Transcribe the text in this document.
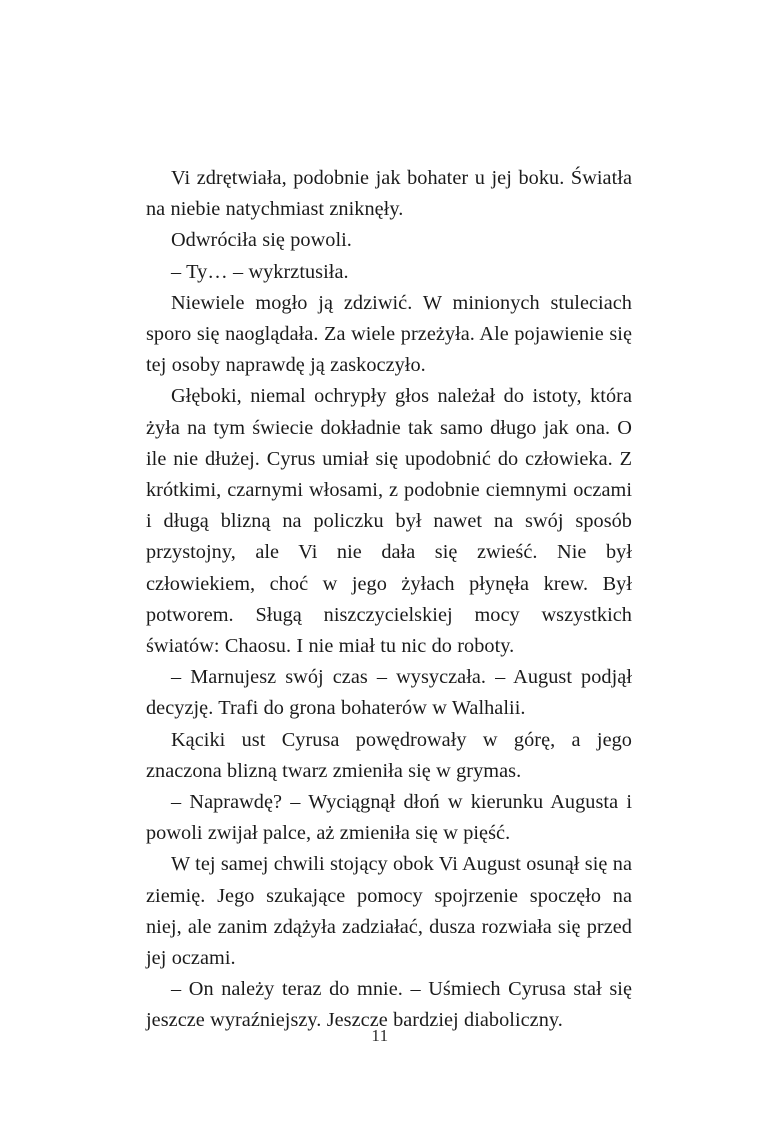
Vi zdrętwiała, podobnie jak bohater u jej boku. Światła na niebie natychmiast zniknęły.

Odwróciła się powoli.

– Ty… – wykrztusiła.

Niewiele mogło ją zdziwić. W minionych stuleciach sporo się naoglądała. Za wiele przeżyła. Ale pojawienie się tej osoby naprawdę ją zaskoczyło.

Głęboki, niemal ochrypły głos należał do istoty, która żyła na tym świecie dokładnie tak samo długo jak ona. O ile nie dłużej. Cyrus umiał się upodobnić do człowieka. Z krótkimi, czarnymi włosami, z podobnie ciemnymi oczami i długą blizną na policzku był nawet na swój sposób przystojny, ale Vi nie dała się zwieść. Nie był człowiekiem, choć w jego żyłach płynęła krew. Był potworem. Sługą niszczycielskiej mocy wszystkich światów: Chaosu. I nie miał tu nic do roboty.

– Marnujesz swój czas – wysyczała. – August podjął decyzję. Trafi do grona bohaterów w Walhalii.

Kąciki ust Cyrusa powędrowały w górę, a jego znaczona blizną twarz zmieniła się w grymas.

– Naprawdę? – Wyciągnął dłoń w kierunku Augusta i powoli zwijał palce, aż zmieniła się w pięść.

W tej samej chwili stojący obok Vi August osunął się na ziemię. Jego szukające pomocy spojrzenie spoczęło na niej, ale zanim zdążyła zadziałać, dusza rozwiała się przed jej oczami.

– On należy teraz do mnie. – Uśmiech Cyrusa stał się jeszcze wyraźniejszy. Jeszcze bardziej diaboliczny.

11
